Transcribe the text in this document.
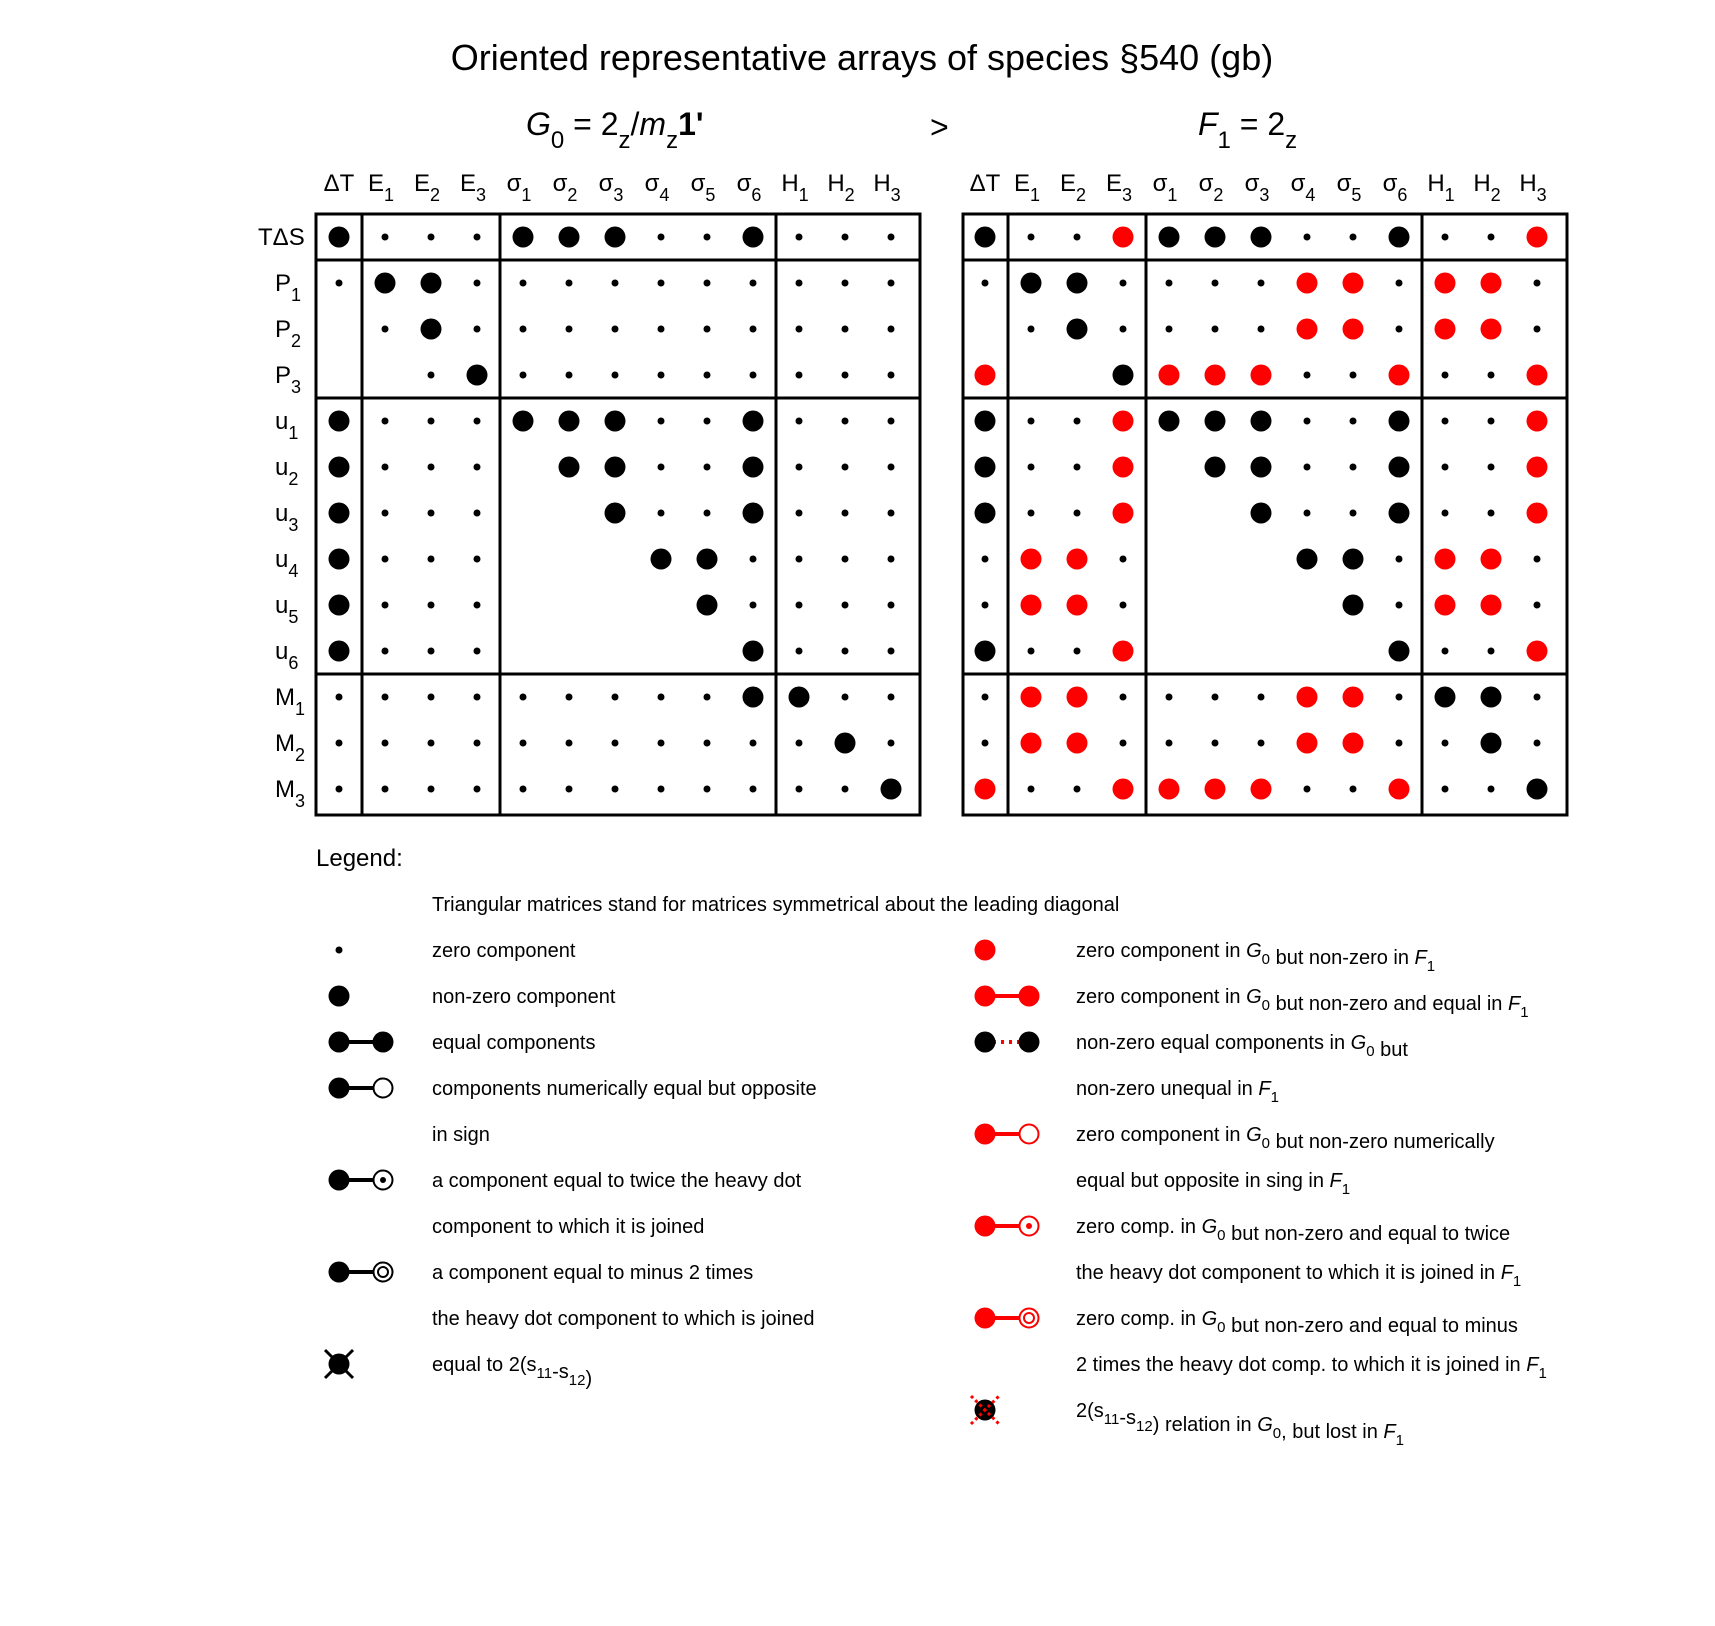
Oriented representative arrays of species §540 (gb)
$G_0 = 2_z/m_z1'$	>	$F_1 = 2_z$
ΔT $E_1$ $E_2$ $E_3$ $\sigma_1$ $\sigma_2$ $\sigma_3$ $\sigma_4$ $\sigma_5$ $\sigma_6$ $H_1$ $H_2$ $H_3$
TΔS
$P_1$
$P_2$
$P_3$
$u_1$
$u_2$
$u_3$
$u_4$
$u_5$
$u_6$
$M_1$
$M_2$
$M_3$
ΔT $E_1$ $E_2$ $E_3$ $\sigma_1$ $\sigma_2$ $\sigma_3$ $\sigma_4$ $\sigma_5$ $\sigma_6$ $H_1$ $H_2$ $H_3$
Legend:
Triangular matrices stand for matrices symmetrical about the leading diagonal
zero component
non-zero component
equal components
components numerically equal but opposite
in sign
a component equal to twice the heavy dot
component to which it is joined
a component equal to minus 2 times
the heavy dot component to which is joined
equal to $2(s_{11}-s_{12})$
zero component in $G_0$ but non-zero in $F_1$
zero component in $G_0$ but non-zero and equal in $F_1$
non-zero equal components in $G_0$ but
non-zero unequal in $F_1$
zero component in $G_0$ but non-zero numerically
equal but opposite in sing in $F_1$
zero comp. in $G_0$ but non-zero and equal to twice
the heavy dot component to which it is joined in $F_1$
zero comp. in $G_0$ but non-zero and equal to minus
2 times the heavy dot comp. to which it is joined in $F_1$
$2(s_{11}-s_{12})$ relation in $G_0$, but lost in $F_1$
